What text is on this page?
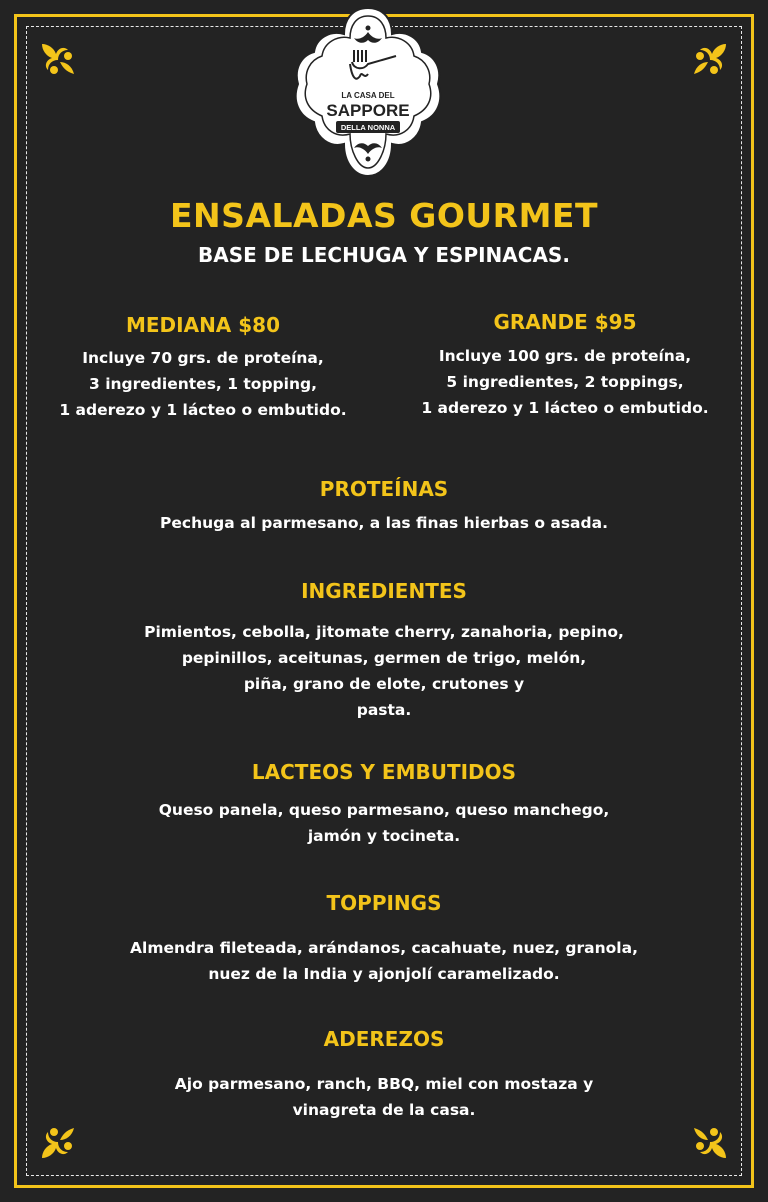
LA CASA DEL
SAPPORE
DELLA NONNA
ENSALADAS GOURMET
BASE DE LECHUGA Y ESPINACAS.
MEDIANA $80
Incluye 70 grs. de proteína,
3 ingredientes, 1 topping,
1 aderezo y 1 lácteo o embutido.
GRANDE $95
Incluye 100 grs. de proteína,
5 ingredientes, 2 toppings,
1 aderezo y 1 lácteo o embutido.
PROTEÍNAS
Pechuga al parmesano, a las finas hierbas o asada.
INGREDIENTES
Pimientos, cebolla, jitomate cherry, zanahoria, pepino,
pepinillos, aceitunas, germen de trigo, melón,
piña, grano de elote, crutones y
pasta.
LACTEOS Y EMBUTIDOS
Queso panela, queso parmesano, queso manchego,
jamón y tocineta.
TOPPINGS
Almendra fileteada, arándanos, cacahuate, nuez, granola,
nuez de la India y ajonjolí caramelizado.
ADEREZOS
Ajo parmesano, ranch, BBQ, miel con mostaza y
vinagreta de la casa.
